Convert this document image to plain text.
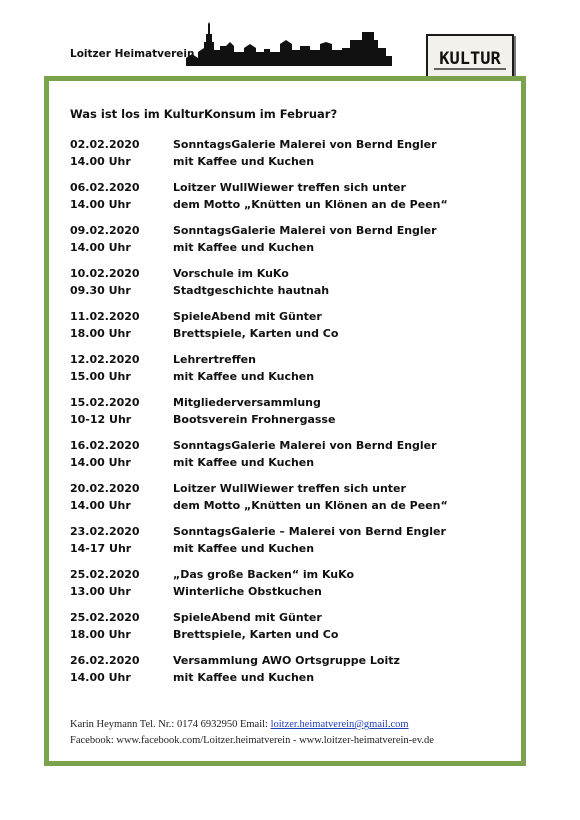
Loitzer Heimatverein	KULTUR
Was ist los im KulturKonsum im Februar?
02.02.2020
14.00 Uhr
SonntagsGalerie Malerei von Bernd Engler
mit Kaffee und Kuchen
06.02.2020
14.00 Uhr
Loitzer WullWiewer treffen sich unter
dem Motto „Knütten un Klönen an de Peen“
09.02.2020
14.00 Uhr
SonntagsGalerie Malerei von Bernd Engler
mit Kaffee und Kuchen
10.02.2020
09.30 Uhr
Vorschule im KuKo
Stadtgeschichte hautnah
11.02.2020
18.00 Uhr
SpieleAbend mit Günter
Brettspiele, Karten und Co
12.02.2020
15.00 Uhr
Lehrertreffen
mit Kaffee und Kuchen
15.02.2020
10-12 Uhr
Mitgliederversammlung
Bootsverein Frohnergasse
16.02.2020
14.00 Uhr
SonntagsGalerie Malerei von Bernd Engler
mit Kaffee und Kuchen
20.02.2020
14.00 Uhr
Loitzer WullWiewer treffen sich unter
dem Motto „Knütten un Klönen an de Peen“
23.02.2020
14-17 Uhr
SonntagsGalerie – Malerei von Bernd Engler
mit Kaffee und Kuchen
25.02.2020
13.00 Uhr
„Das große Backen“ im KuKo
Winterliche Obstkuchen
25.02.2020
18.00 Uhr
SpieleAbend mit Günter
Brettspiele, Karten und Co
26.02.2020
14.00 Uhr
Versammlung AWO Ortsgruppe Loitz
mit Kaffee und Kuchen
Karin Heymann Tel. Nr.: 0174 6932950 Email: loitzer.heimatverein@gmail.com
Facebook: www.facebook.com/Loitzer.heimatverein - www.loitzer-heimatverein-ev.de
